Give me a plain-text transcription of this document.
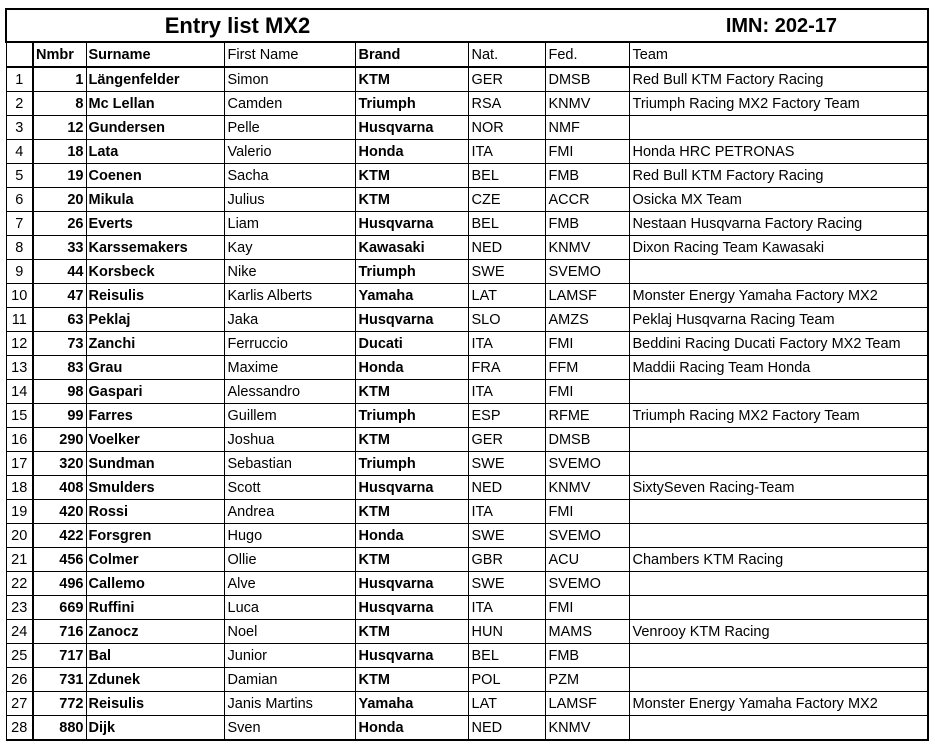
Entry list MX2					IMN: 202-17		
	Nmbr	Surname	First Name	Brand	Nat.	Fed.	Team
1	1	Längenfelder	Simon	KTM	GER	DMSB	Red Bull KTM Factory Racing
2	8	Mc Lellan	Camden	Triumph	RSA	KNMV	Triumph Racing MX2 Factory Team
3	12	Gundersen	Pelle	Husqvarna	NOR	NMF	
4	18	Lata	Valerio	Honda	ITA	FMI	Honda HRC PETRONAS
5	19	Coenen	Sacha	KTM	BEL	FMB	Red Bull KTM Factory Racing
6	20	Mikula	Julius	KTM	CZE	ACCR	Osicka MX Team
7	26	Everts	Liam	Husqvarna	BEL	FMB	Nestaan Husqvarna Factory Racing
8	33	Karssemakers	Kay	Kawasaki	NED	KNMV	Dixon Racing Team Kawasaki
9	44	Korsbeck	Nike	Triumph	SWE	SVEMO	
10	47	Reisulis	Karlis Alberts	Yamaha	LAT	LAMSF	Monster Energy Yamaha Factory MX2
11	63	Peklaj	Jaka	Husqvarna	SLO	AMZS	Peklaj Husqvarna Racing Team
12	73	Zanchi	Ferruccio	Ducati	ITA	FMI	Beddini Racing Ducati Factory MX2 Team
13	83	Grau	Maxime	Honda	FRA	FFM	Maddii Racing Team Honda
14	98	Gaspari	Alessandro	KTM	ITA	FMI	
15	99	Farres	Guillem	Triumph	ESP	RFME	Triumph Racing MX2 Factory Team
16	290	Voelker	Joshua	KTM	GER	DMSB	
17	320	Sundman	Sebastian	Triumph	SWE	SVEMO	
18	408	Smulders	Scott	Husqvarna	NED	KNMV	SixtySeven Racing-Team
19	420	Rossi	Andrea	KTM	ITA	FMI	
20	422	Forsgren	Hugo	Honda	SWE	SVEMO	
21	456	Colmer	Ollie	KTM	GBR	ACU	Chambers KTM Racing
22	496	Callemo	Alve	Husqvarna	SWE	SVEMO	
23	669	Ruffini	Luca	Husqvarna	ITA	FMI	
24	716	Zanocz	Noel	KTM	HUN	MAMS	Venrooy KTM Racing
25	717	Bal	Junior	Husqvarna	BEL	FMB	
26	731	Zdunek	Damian	KTM	POL	PZM	
27	772	Reisulis	Janis Martins	Yamaha	LAT	LAMSF	Monster Energy Yamaha Factory MX2
28	880	Dijk	Sven	Honda	NED	KNMV	
